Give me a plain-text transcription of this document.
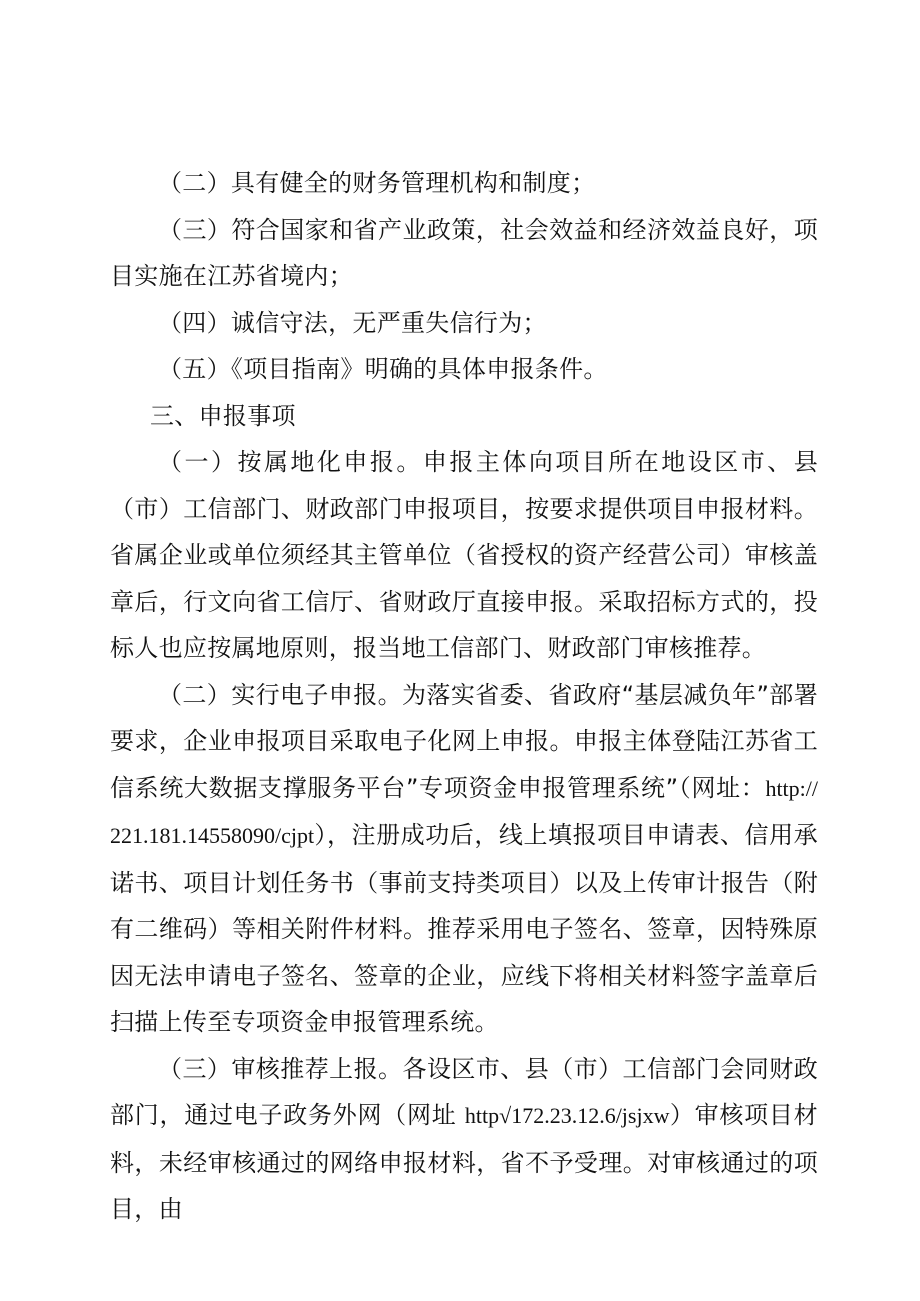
（二）具有健全的财务管理机构和制度；

（三）符合国家和省产业政策，社会效益和经济效益良好，项目实施在江苏省境内；

（四）诚信守法，无严重失信行为；

（五）《项目指南》明确的具体申报条件。

三、申报事项

（一）按属地化申报。申报主体向项目所在地设区市、县（市）工信部门、财政部门申报项目，按要求提供项目申报材料。省属企业或单位须经其主管单位（省授权的资产经营公司）审核盖章后，行文向省工信厅、省财政厅直接申报。采取招标方式的，投标人也应按属地原则，报当地工信部门、财政部门审核推荐。

（二）实行电子申报。为落实省委、省政府“基层减负年”部署要求，企业申报项目采取电子化网上申报。申报主体登陆江苏省工信系统大数据支撑服务平台”专项资金申报管理系统”（网址：http://221.181.14558090/cjpt），注册成功后，线上填报项目申请表、信用承诺书、项目计划任务书（事前支持类项目）以及上传审计报告（附有二维码）等相关附件材料。推荐采用电子签名、签章，因特殊原因无法申请电子签名、签章的企业，应线下将相关材料签字盖章后扫描上传至专项资金申报管理系统。

（三）审核推荐上报。各设区市、县（市）工信部门会同财政部门，通过电子政务外网（网址 http√172.23.12.6/jsjxw）审核项目材料，未经审核通过的网络申报材料，省不予受理。对审核通过的项目，由
